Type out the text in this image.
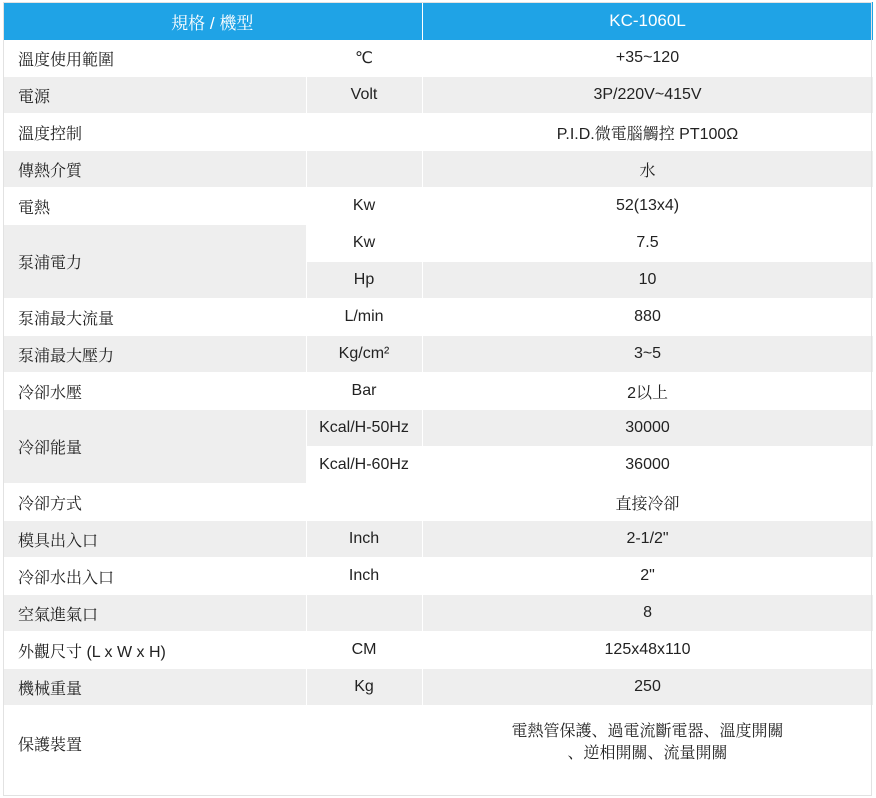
規格 / 機型		KC-1060L
溫度使用範圍	℃	+35~120
電源	Volt	3P/220V~415V
溫度控制		P.I.D.微電腦觸控 PT100Ω
傳熱介質		水
電熱	Kw	52(13x4)
泵浦電力	Kw	7.5
	Hp	10
泵浦最大流量	L/min	880
泵浦最大壓力	Kg/cm²	3~5
冷卻水壓	Bar	2以上
冷卻能量	Kcal/H-50Hz	30000
	Kcal/H-60Hz	36000
冷卻方式		直接冷卻
模具出入口	Inch	2-1/2"
冷卻水出入口	Inch	2"
空氣進氣口		8
外觀尺寸 (L x W x H)	CM	125x48x110
機械重量	Kg	250
保護裝置		電熱管保護、過電流斷電器、溫度開關
、逆相開關、流量開關
